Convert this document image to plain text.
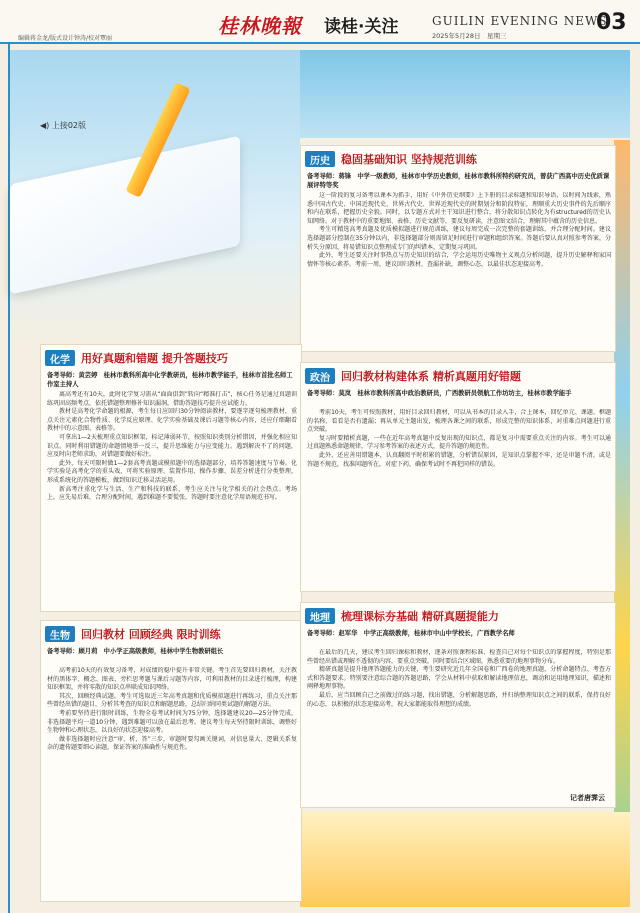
编辑蒋金龙/版式设计钟涛/校对覃丽
桂林晚報 读桂·关注	GUILIN EVENING NEWS
2025年5月28日　星期三
03
◀) 上接02版
历史	稳固基础知识 坚持规范训练
备考导师：蒋锋　中学一级教师，桂林市中学历史教师，桂林市教科所特约研究员，曾获广西高中历史优质课展评特等奖

这一阶段的复习备考以课本为抓手，用好《中外历史纲要》上下册的目录标题和知识导语，以时间为线索，熟悉中国古代史、中国近现代史、世界古代史、世界近现代史的时期划分和阶段特征，理顺重大历史事件的先后顺序和内在联系，把握历史全貌。同时，以专题方式对主干知识进行整合，将分散知识点转化为有structured的历史认知网络。对于教材中的重要地图、表格、历史文献等，要反复研读，注意图文结合，理解其中蕴含的历史信息。

考生可精选高考真题及优质模拟题进行规范训练，建议每周完成一次完整的套题训练，并合理分配时间。建议选择题部分控制在35分钟以内，非选择题部分则需留足时间进行审题和组织答案。答题后要认真对照参考答案，分析失分原因，将易错知识点整理成专门的纠错本，定期复习巩固。

此外，考生还要关注时事热点与历史知识的结合，学会运用历史唯物主义观点分析问题，提升历史解释和家国情怀等核心素养。考前一周，建议回归教材，查漏补缺，调整心态，以最佳状态迎接高考。

化学	用好真题和错题 提升答题技巧
备考导师：黄芸婷　桂林市教科所高中化学教研员，桂林市教学能手，桂林市首批名师工作室主持人

离高考还有10天，此时化学复习需从“面面俱到”转向“精准打击”，核心任务是通过真题训练巩固高频考点，依托错题整理修补知识漏洞，借助答题技巧提升应试能力。

教材是高考化学命题的根源，考生每日应回归30分钟阅读教材，要逐字逐句梳理教材，重点关注元素化合物性质、化学反应原理、化学实验基础及课后习题等核心内容，还应仔细翻看教材中的示意图、表格等。

可拿出1—2天梳理重点知识框架，标记薄弱环节，按照知识类别分析错因，并强化相应知识点。同时利用错题的命题情境举一反三，提升思维能力与应变能力。遇到解决不了的问题，应及时向老师求助，对错题要做好标注。

此外，每天可限时做1—2套高考真题或模拟题中的选择题部分，培养答题速度与节奏。化学实验是高考化学的重头戏，可将实验原理、装置作用、操作步骤、误差分析进行分类整理，形成系统化的答题模板，做到知识迁移灵活运用。

新高考注重化学与生活、生产和科技的联系，考生应关注与化学相关的社会热点。考场上，应先易后难，合理分配时间，遇到难题不要慌张，答题时要注意化学用语规范书写。

政治	回归教材构建体系 精析真题用好错题
备考导师：莫岚　桂林市教科所高中政治教研员，广西教研员领航工作坊坊主，桂林市教学能手

考前10天，考生可按照教材，用好目录回归教材，可以从书本的目录入手，合上课本，回忆单元、课题、框题的名称，看看是否有遗漏；再从单元主题出发，梳理各课之间的联系，形成完整的知识体系，对重难点问题进行重点突破。

复习时要精析真题，一些在近年高考真题中反复出现的知识点，都是复习中需要重点关注的内容。考生可以通过真题熟悉命题规律，学习参考答案的表述方式，提升答题的规范性。

此外，还应善用错题本，认真翻阅平时积累的错题，分析错误原因，是知识点掌握不牢，还是审题不清，或是答题不规范，找准问题所在，对症下药，确保考试时不再犯同样的错误。

生物	回归教材 回顾经典 限时训练
备考导师：顾月莉　中小学正高级教师，桂林中学生物教研组长

高考前10天的有效复习备考，对成绩的稳中提升非常关键。考生首先要回归教材，关注教材的黑体字、概念、图表、旁栏思考题与课后习题等内容，可利用教材的目录进行梳理，构建知识框架，并将零散的知识点串联成知识网络。

其次，回顾经典试题。考生可选取近三年高考真题和优质模拟题进行再练习，重点关注那些曾经出错的题目，分析其考查的知识点和解题思路，总结归纳同类试题的解题方法。

考前要坚持进行限时训练，生物全卷考试时间为75分钟，选择题建议20—25分钟完成，非选择题平均一道10分钟，遇到难题可以放在最后思考。建议考生每天坚持限时训练，调整好生物钟和心理状态，以良好的状态迎接高考。

做非选择题时应注意“审、析、答”三步，审题时要勾画关键词，对信息量大、逻辑关系复杂的遗传题要细心读题，保证答案的准确性与规范性。

地理	梳理课标夯基础 精研真题提能力
备考导师：赵军华　中学正高级教师，桂林市中山中学校长，广西教学名师

在最后的几天，建议考生回归课标和教材，逐条对照课程标准，检查自己对每个知识点的掌握程度，特别是那些曾经出错或理解不透彻的内容，要重点突破。同时要结合区域图，熟悉重要的地理事物分布。

精研真题是提升地理答题能力的关键，考生要研究近几年全国卷和广西卷的地理真题，分析命题特点、考查方式和答题要求。特别要注意综合题的答题思路，学会从材料中获取和解读地理信息，调动和运用地理知识，描述和阐释地理事物。

最后，应当回顾自己之前做过的练习题，找出错题，分析解题思路，并归纳整理知识点之间的联系，保持良好的心态，以积极的状态迎接高考，祝大家都能取得理想的成绩。

记者唐霁云
